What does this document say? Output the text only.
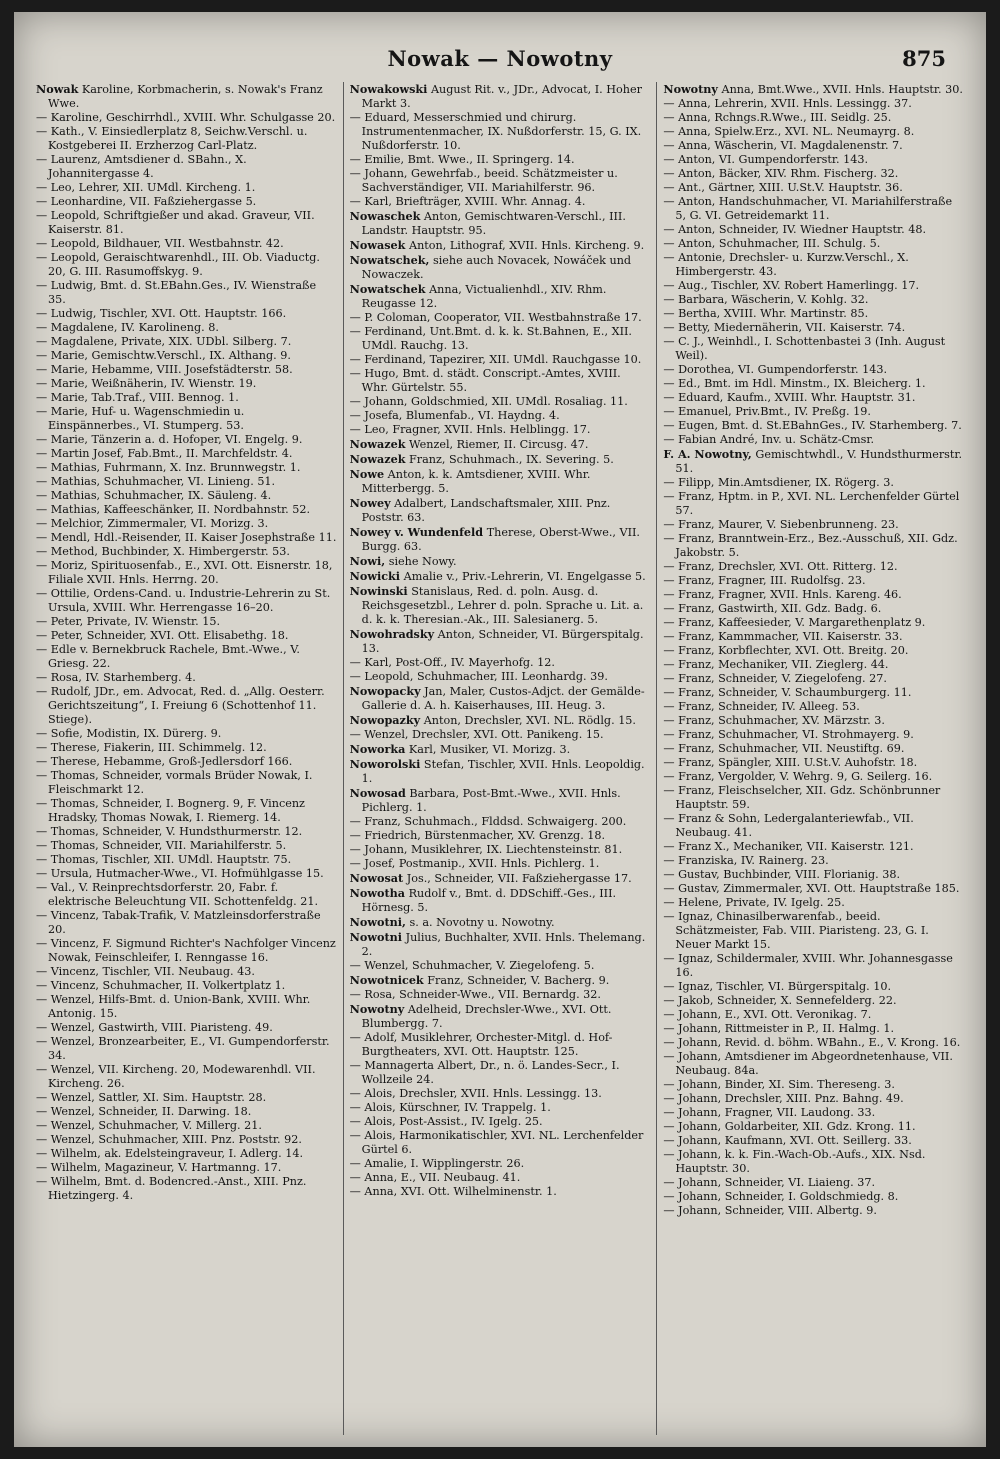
Nowak — Nowotny	875
Nowak Karoline, Korbmacherin, s. Nowak's Franz Wwe.
— Karoline, Geschirrhdl., XVIII. Whr. Schulgasse 20.
— Kath., V. Einsiedlerplatz 8, Seichw.Verschl. u. Kostgeberei II. Erzherzog Carl-Platz.
— Laurenz, Amtsdiener d. SBahn., X. Johannitergasse 4.
— Leo, Lehrer, XII. UMdl. Kircheng. 1.
— Leonhardine, VII. Faßziehergasse 5.
— Leopold, Schriftgießer und akad. Graveur, VII. Kaiserstr. 81.
— Leopold, Bildhauer, VII. Westbahnstr. 42.
— Leopold, Geraischtwarenhdl., III. Ob. Viaductg. 20, G. III. Rasumoffskyg. 9.
— Ludwig, Bmt. d. St.EBahn.Ges., IV. Wienstraße 35.
— Ludwig, Tischler, XVI. Ott. Hauptstr. 166.
— Magdalene, IV. Karolineng. 8.
— Magdalene, Private, XIX. UDbl. Silberg. 7.
— Marie, Gemischtw.Verschl., IX. Althang. 9.
— Marie, Hebamme, VIII. Josefstädterstr. 58.
— Marie, Weißnäherin, IV. Wienstr. 19.
— Marie, Tab.Traf., VIII. Bennog. 1.
— Marie, Huf- u. Wagenschmiedin u. Einspännerbes., VI. Stumperg. 53.
— Marie, Tänzerin a. d. Hofoper, VI. Engelg. 9.
— Martin Josef, Fab.Bmt., II. Marchfeldstr. 4.
— Mathias, Fuhrmann, X. Inz. Brunnwegstr. 1.
— Mathias, Schuhmacher, VI. Linieng. 51.
— Mathias, Schuhmacher, IX. Säuleng. 4.
— Mathias, Kaffeeschänker, II. Nordbahnstr. 52.
— Melchior, Zimmermaler, VI. Morizg. 3.
— Mendl, Hdl.-Reisender, II. Kaiser Josephstraße 11.
— Method, Buchbinder, X. Himbergerstr. 53.
— Moriz, Spirituosenfab., E., XVI. Ott. Eisnerstr. 18, Filiale XVII. Hnls. Herrng. 20.
— Ottilie, Ordens-Cand. u. Industrie-Lehrerin zu St. Ursula, XVIII. Whr. Herrengasse 16–20.
— Peter, Private, IV. Wienstr. 15.
— Peter, Schneider, XVI. Ott. Elisabethg. 18.
— Edle v. Bernekbruck Rachele, Bmt.-Wwe., V. Griesg. 22.
— Rosa, IV. Starhemberg. 4.
— Rudolf, JDr., em. Advocat, Red. d. „Allg. Oesterr. Gerichtszeitung“, I. Freiung 6 (Schottenhof 11. Stiege).
— Sofie, Modistin, IX. Dürerg. 9.
— Therese, Fiakerin, III. Schimmelg. 12.
— Therese, Hebamme, Groß-Jedlersdorf 166.
— Thomas, Schneider, vormals Brüder Nowak, I. Fleischmarkt 12.
— Thomas, Schneider, I. Bognerg. 9, F. Vincenz Hradsky, Thomas Nowak, I. Riemerg. 14.
— Thomas, Schneider, V. Hundsthurmerstr. 12.
— Thomas, Schneider, VII. Mariahilferstr. 5.
— Thomas, Tischler, XII. UMdl. Hauptstr. 75.
— Ursula, Hutmacher-Wwe., VI. Hofmühlgasse 15.
— Val., V. Reinprechtsdorferstr. 20, Fabr. f. elektrische Beleuchtung VII. Schottenfeldg. 21.
— Vincenz, Tabak-Trafik, V. Matzleinsdorferstraße 20.
— Vincenz, F. Sigmund Richter's Nachfolger Vincenz Nowak, Feinschleifer, I. Renngasse 16.
— Vincenz, Tischler, VII. Neubaug. 43.
— Vincenz, Schuhmacher, II. Volkertplatz 1.
— Wenzel, Hilfs-Bmt. d. Union-Bank, XVIII. Whr. Antonig. 15.
— Wenzel, Gastwirth, VIII. Piaristeng. 49.
— Wenzel, Bronzearbeiter, E., VI. Gumpendorferstr. 34.
— Wenzel, VII. Kircheng. 20, Modewarenhdl. VII. Kircheng. 26.
— Wenzel, Sattler, XI. Sim. Hauptstr. 28.
— Wenzel, Schneider, II. Darwing. 18.
— Wenzel, Schuhmacher, V. Millerg. 21.
— Wenzel, Schuhmacher, XIII. Pnz. Poststr. 92.
— Wilhelm, ak. Edelsteingraveur, I. Adlerg. 14.
— Wilhelm, Magazineur, V. Hartmanng. 17.
— Wilhelm, Bmt. d. Bodencred.-Anst., XIII. Pnz. Hietzingerg. 4.
Nowakowski August Rit. v., JDr., Advocat, I. Hoher Markt 3.
— Eduard, Messerschmied und chirurg. Instrumentenmacher, IX. Nußdorferstr. 15, G. IX. Nußdorferstr. 10.
— Emilie, Bmt. Wwe., II. Springerg. 14.
— Johann, Gewehrfab., beeid. Schätzmeister u. Sachverständiger, VII. Mariahilferstr. 96.
— Karl, Briefträger, XVIII. Whr. Annag. 4.
Nowaschek Anton, Gemischtwaren-Verschl., III. Landstr. Hauptstr. 95.
Nowasek Anton, Lithograf, XVII. Hnls. Kircheng. 9.
Nowatschek, siehe auch Novacek, Nowáček und Nowaczek.
Nowatschek Anna, Victualienhdl., XIV. Rhm. Reugasse 12.
— P. Coloman, Cooperator, VII. Westbahnstraße 17.
— Ferdinand, Unt.Bmt. d. k. k. St.Bahnen, E., XII. UMdl. Rauchg. 13.
— Ferdinand, Tapezirer, XII. UMdl. Rauchgasse 10.
— Hugo, Bmt. d. städt. Conscript.-Amtes, XVIII. Whr. Gürtelstr. 55.
— Johann, Goldschmied, XII. UMdl. Rosaliag. 11.
— Josefa, Blumenfab., VI. Haydng. 4.
— Leo, Fragner, XVII. Hnls. Helblingg. 17.
Nowazek Wenzel, Riemer, II. Circusg. 47.
Nowazek Franz, Schuhmach., IX. Severing. 5.
Nowe Anton, k. k. Amtsdiener, XVIII. Whr. Mitterbergg. 5.
Nowey Adalbert, Landschaftsmaler, XIII. Pnz. Poststr. 63.
Nowey v. Wundenfeld Therese, Oberst-Wwe., VII. Burgg. 63.
Nowi, siehe Nowy.
Nowicki Amalie v., Priv.-Lehrerin, VI. Engelgasse 5.
Nowinski Stanislaus, Red. d. poln. Ausg. d. Reichsgesetzbl., Lehrer d. poln. Sprache u. Lit. a. d. k. k. Theresian.-Ak., III. Salesianerg. 5.
Nowohradsky Anton, Schneider, VI. Bürgerspitalg. 13.
— Karl, Post-Off., IV. Mayerhofg. 12.
— Leopold, Schuhmacher, III. Leonhardg. 39.
Nowopacky Jan, Maler, Custos-Adjct. der Gemälde-Gallerie d. A. h. Kaiserhauses, III. Heug. 3.
Nowopazky Anton, Drechsler, XVI. NL. Rödlg. 15.
— Wenzel, Drechsler, XVI. Ott. Panikeng. 15.
Noworka Karl, Musiker, VI. Morizg. 3.
Noworolski Stefan, Tischler, XVII. Hnls. Leopoldig. 1.
Nowosad Barbara, Post-Bmt.-Wwe., XVII. Hnls. Pichlerg. 1.
— Franz, Schuhmach., Flddsd. Schwaigerg. 200.
— Friedrich, Bürstenmacher, XV. Grenzg. 18.
— Johann, Musiklehrer, IX. Liechtensteinstr. 81.
— Josef, Postmanip., XVII. Hnls. Pichlerg. 1.
Nowosat Jos., Schneider, VII. Faßziehergasse 17.
Nowotha Rudolf v., Bmt. d. DDSchiff.-Ges., III. Hörnesg. 5.
Nowotni, s. a. Novotny u. Nowotny.
Nowotni Julius, Buchhalter, XVII. Hnls. Thelemang. 2.
— Wenzel, Schuhmacher, V. Ziegelofeng. 5.
Nowotnicek Franz, Schneider, V. Bacherg. 9.
— Rosa, Schneider-Wwe., VII. Bernardg. 32.
Nowotny Adelheid, Drechsler-Wwe., XVI. Ott. Blumbergg. 7.
— Adolf, Musiklehrer, Orchester-Mitgl. d. Hof-Burgtheaters, XVI. Ott. Hauptstr. 125.
— Mannagerta Albert, Dr., n. ö. Landes-Secr., I. Wollzeile 24.
— Alois, Drechsler, XVII. Hnls. Lessingg. 13.
— Alois, Kürschner, IV. Trappelg. 1.
— Alois, Post-Assist., IV. Igelg. 25.
— Alois, Harmonikatischler, XVI. NL. Lerchenfelder Gürtel 6.
— Amalie, I. Wipplingerstr. 26.
— Anna, E., VII. Neubaug. 41.
— Anna, XVI. Ott. Wilhelminenstr. 1.
Nowotny Anna, Bmt.Wwe., XVII. Hnls. Hauptstr. 30.
— Anna, Lehrerin, XVII. Hnls. Lessingg. 37.
— Anna, Rchngs.R.Wwe., III. Seidlg. 25.
— Anna, Spielw.Erz., XVI. NL. Neumayrg. 8.
— Anna, Wäscherin, VI. Magdalenenstr. 7.
— Anton, VI. Gumpendorferstr. 143.
— Anton, Bäcker, XIV. Rhm. Fischerg. 32.
— Ant., Gärtner, XIII. U.St.V. Hauptstr. 36.
— Anton, Handschuhmacher, VI. Mariahilferstraße 5, G. VI. Getreidemarkt 11.
— Anton, Schneider, IV. Wiedner Hauptstr. 48.
— Anton, Schuhmacher, III. Schulg. 5.
— Antonie, Drechsler- u. Kurzw.Verschl., X. Himbergerstr. 43.
— Aug., Tischler, XV. Robert Hamerlingg. 17.
— Barbara, Wäscherin, V. Kohlg. 32.
— Bertha, XVIII. Whr. Martinstr. 85.
— Betty, Miedernäherin, VII. Kaiserstr. 74.
— C. J., Weinhdl., I. Schottenbastei 3 (Inh. August Weil).
— Dorothea, VI. Gumpendorferstr. 143.
— Ed., Bmt. im Hdl. Minstm., IX. Bleicherg. 1.
— Eduard, Kaufm., XVIII. Whr. Hauptstr. 31.
— Emanuel, Priv.Bmt., IV. Preßg. 19.
— Eugen, Bmt. d. St.EBahnGes., IV. Starhemberg. 7.
— Fabian André, Inv. u. Schätz-Cmsr.
F. A. Nowotny, Gemischtwhdl., V. Hundsthurmerstr. 51.
— Filipp, Min.Amtsdiener, IX. Rögerg. 3.
— Franz, Hptm. in P., XVI. NL. Lerchenfelder Gürtel 57.
— Franz, Maurer, V. Siebenbrunneng. 23.
— Franz, Branntwein-Erz., Bez.-Ausschuß, XII. Gdz. Jakobstr. 5.
— Franz, Drechsler, XVI. Ott. Ritterg. 12.
— Franz, Fragner, III. Rudolfsg. 23.
— Franz, Fragner, XVII. Hnls. Kareng. 46.
— Franz, Gastwirth, XII. Gdz. Badg. 6.
— Franz, Kaffeesieder, V. Margarethenplatz 9.
— Franz, Kammmacher, VII. Kaiserstr. 33.
— Franz, Korbflechter, XVI. Ott. Breitg. 20.
— Franz, Mechaniker, VII. Zieglerg. 44.
— Franz, Schneider, V. Ziegelofeng. 27.
— Franz, Schneider, V. Schaumburgerg. 11.
— Franz, Schneider, IV. Alleeg. 53.
— Franz, Schuhmacher, XV. Märzstr. 3.
— Franz, Schuhmacher, VI. Strohmayerg. 9.
— Franz, Schuhmacher, VII. Neustiftg. 69.
— Franz, Spängler, XIII. U.St.V. Auhofstr. 18.
— Franz, Vergolder, V. Wehrg. 9, G. Seilerg. 16.
— Franz, Fleischselcher, XII. Gdz. Schönbrunner Hauptstr. 59.
— Franz & Sohn, Ledergalanteriewfab., VII. Neubaug. 41.
— Franz X., Mechaniker, VII. Kaiserstr. 121.
— Franziska, IV. Rainerg. 23.
— Gustav, Buchbinder, VIII. Florianig. 38.
— Gustav, Zimmermaler, XVI. Ott. Hauptstraße 185.
— Helene, Private, IV. Igelg. 25.
— Ignaz, Chinasilberwarenfab., beeid. Schätzmeister, Fab. VIII. Piaristeng. 23, G. I. Neuer Markt 15.
— Ignaz, Schildermaler, XVIII. Whr. Johannesgasse 16.
— Ignaz, Tischler, VI. Bürgerspitalg. 10.
— Jakob, Schneider, X. Sennefelderg. 22.
— Johann, E., XVI. Ott. Veronikag. 7.
— Johann, Rittmeister in P., II. Halmg. 1.
— Johann, Revid. d. böhm. WBahn., E., V. Krong. 16.
— Johann, Amtsdiener im Abgeordnetenhause, VII. Neubaug. 84a.
— Johann, Binder, XI. Sim. Thereseng. 3.
— Johann, Drechsler, XIII. Pnz. Bahng. 49.
— Johann, Fragner, VII. Laudong. 33.
— Johann, Goldarbeiter, XII. Gdz. Krong. 11.
— Johann, Kaufmann, XVI. Ott. Seillerg. 33.
— Johann, k. k. Fin.-Wach-Ob.-Aufs., XIX. Nsd. Hauptstr. 30.
— Johann, Schneider, VI. Liaieng. 37.
— Johann, Schneider, I. Goldschmiedg. 8.
— Johann, Schneider, VIII. Albertg. 9.
